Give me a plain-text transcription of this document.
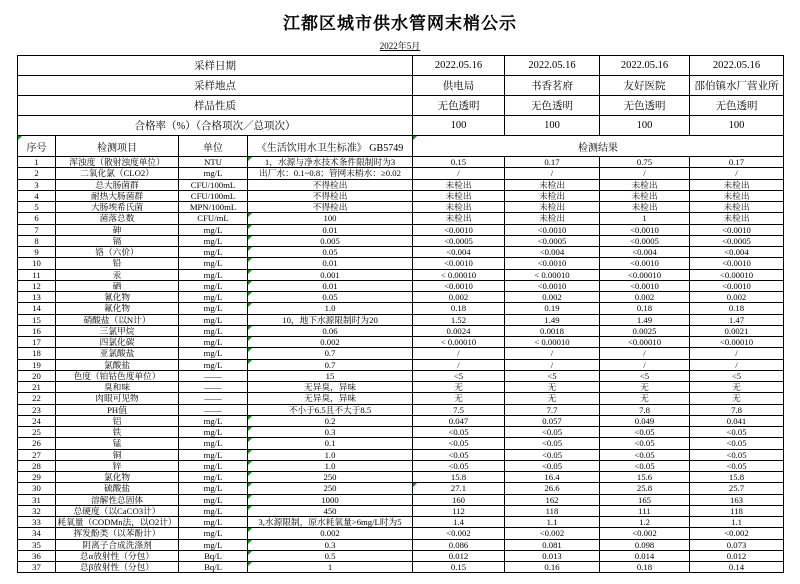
江都区城市供水管网末梢公示
2022年5月
采样日期				2022.05.16	2022.05.16	2022.05.16	2022.05.16
采样地点				供电局	书香茗府	友好医院	邵伯镇水厂营业所
样品性质				无色透明	无色透明	无色透明	无色透明
合格率（%）（合格项次／总项次）				100	100	100	100
序号	检测项目	单位	《生活饮用水卫生标准》 GB5749	检测结果			
1	浑浊度（散射浊度单位）	NTU	1，水源与净水技术条件限制时为3	0.15	0.17	0.75	0.17
2	二氧化氯（CLO2）	mg/L	出厂水：0.1~0.8；管网末梢水：≥0.02	/	/	/	/
3	总大肠菌群	CFU/100mL	不得检出	未检出	未检出	未检出	未检出
4	耐热大肠菌群	CFU/100mL	不得检出	未检出	未检出	未检出	未检出
5	大肠埃希氏菌	MPN/100mL	不得检出	未检出	未检出	未检出	未检出
6	菌落总数	CFU/mL	100	未检出	未检出	1	未检出
7	砷	mg/L	0.01	<0.0010	<0.0010	<0.0010	<0.0010
8	镉	mg/L	0.005	<0.0005	<0.0005	<0.0005	<0.0005
9	铬（六价）	mg/L	0.05	<0.004	<0.004	<0.004	<0.004
10	铅	mg/L	0.01	<0.0010	<0.0010	<0.0010	<0.0010
11	汞	mg/L	0.001	< 0.00010	< 0.00010	<0.00010	<0.00010
12	硒	mg/L	0.01	<0.0010	<0.0010	<0.0010	<0.0010
13	氰化物	mg/L	0.05	0.002	0.002	0.002	0.002
14	氟化物	mg/L	1.0	0.18	0.19	0.18	0.18
15	硝酸盐（以N计）	mg/L	10，地下水源限制时为20	1.52	1.49	1.49	1.47
16	三氯甲烷	mg/L	0.06	0.0024	0.0018	0.0025	0.0021
17	四氯化碳	mg/L	0.002	< 0.00010	< 0.00010	<0.00010	<0.00010
18	亚氯酸盐	mg/L	0.7	/	/	/	/
19	氯酸盐	mg/L	0.7	/	/	/	/
20	色度（铂钴色度单位）	——	15	<5	<5	<5	<5
21	臭和味	——	无异臭，异味	无	无	无	无
22	肉眼可见物	——	无异臭，异味	无	无	无	无
23	PH值	——	不小于6.5且不大于8.5	7.5	7.7	7.8	7.8
24	铝	mg/L	0.2	0.047	0.057	0.049	0.041
25	铁	mg/L	0.3	<0.05	<0.05	<0.05	<0.05
26	锰	mg/L	0.1	<0.05	<0.05	<0.05	<0.05
27	铜	mg/L	1.0	<0.05	<0.05	<0.05	<0.05
28	锌	mg/L	1.0	<0.05	<0.05	<0.05	<0.05
29	氯化物	mg/L	250	15.8	16.4	15.6	15.8
30	硫酸盐	mg/L	250	27.1	26.6	25.8	25.7
31	溶解性总固体	mg/L	1000	160	162	165	163
32	总硬度（以CaCO3计）	mg/L	450	112	118	111	118
33	耗氧量（CODMn法，以O2计）	mg/L	3,水源限制，原水耗氧量>6mg/L时为5	1.4	1.1	1.2	1.1
34	挥发酚类（以苯酚计）	mg/L	0.002	<0.002	<0.002	<0.002	<0.002
35	阴离子合成洗涤剂	mg/L	0.3	0.086	0.081	0.098	0.073
36	总α放射性（分包）	Bq/L	0.5	0.012	0.013	0.014	0.012
37	总β放射性（分包）	Bq/L	1	0.15	0.16	0.18	0.14
